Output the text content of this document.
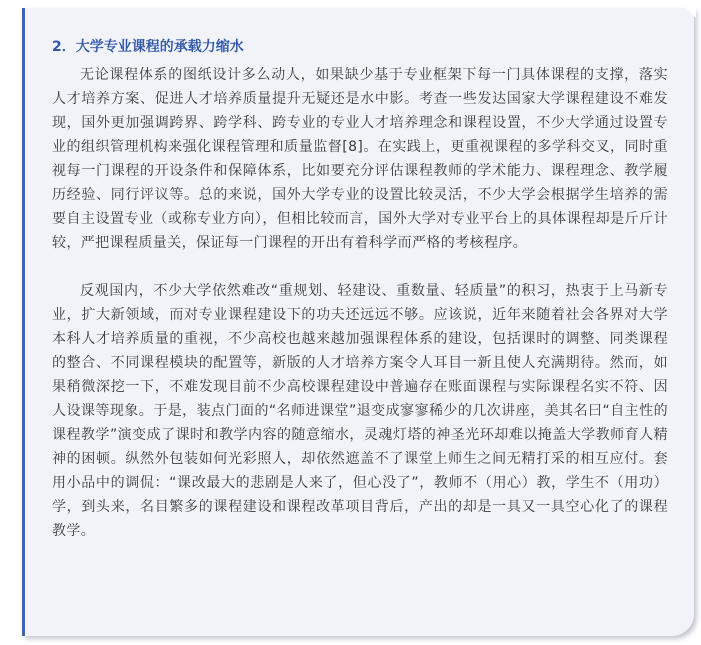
2．大学专业课程的承载力缩水

无论课程体系的图纸设计多么动人，如果缺少基于专业框架下每一门具体课程的支撑，落实人才培养方案、促进人才培养质量提升无疑还是水中影。考查一些发达国家大学课程建设不难发现，国外更加强调跨界、跨学科、跨专业的专业人才培养理念和课程设置，不少大学通过设置专业的组织管理机构来强化课程管理和质量监督[8]。在实践上，更重视课程的多学科交叉，同时重视每一门课程的开设条件和保障体系，比如要充分评估课程教师的学术能力、课程理念、教学履历经验、同行评议等。总的来说，国外大学专业的设置比较灵活，不少大学会根据学生培养的需要自主设置专业（或称专业方向），但相比较而言，国外大学对专业平台上的具体课程却是斤斤计较，严把课程质量关，保证每一门课程的开出有着科学而严格的考核程序。

反观国内，不少大学依然难改“重规划、轻建设、重数量、轻质量”的积习，热衷于上马新专业，扩大新领域，而对专业课程建设下的功夫还远远不够。应该说，近年来随着社会各界对大学本科人才培养质量的重视，不少高校也越来越加强课程体系的建设，包括课时的调整、同类课程的整合、不同课程模块的配置等，新版的人才培养方案令人耳目一新且使人充满期待。然而，如果稍微深挖一下，不难发现目前不少高校课程建设中普遍存在账面课程与实际课程名实不符、因人设课等现象。于是，装点门面的“名师进课堂”退变成寥寥稀少的几次讲座，美其名曰“自主性的课程教学”演变成了课时和教学内容的随意缩水，灵魂灯塔的神圣光环却难以掩盖大学教师育人精神的困顿。纵然外包装如何光彩照人，却依然遮盖不了课堂上师生之间无精打采的相互应付。套用小品中的调侃：“课改最大的悲剧是人来了，但心没了”，教师不（用心）教，学生不（用功）学，到头来，名目繁多的课程建设和课程改革项目背后，产出的却是一具又一具空心化了的课程教学。
